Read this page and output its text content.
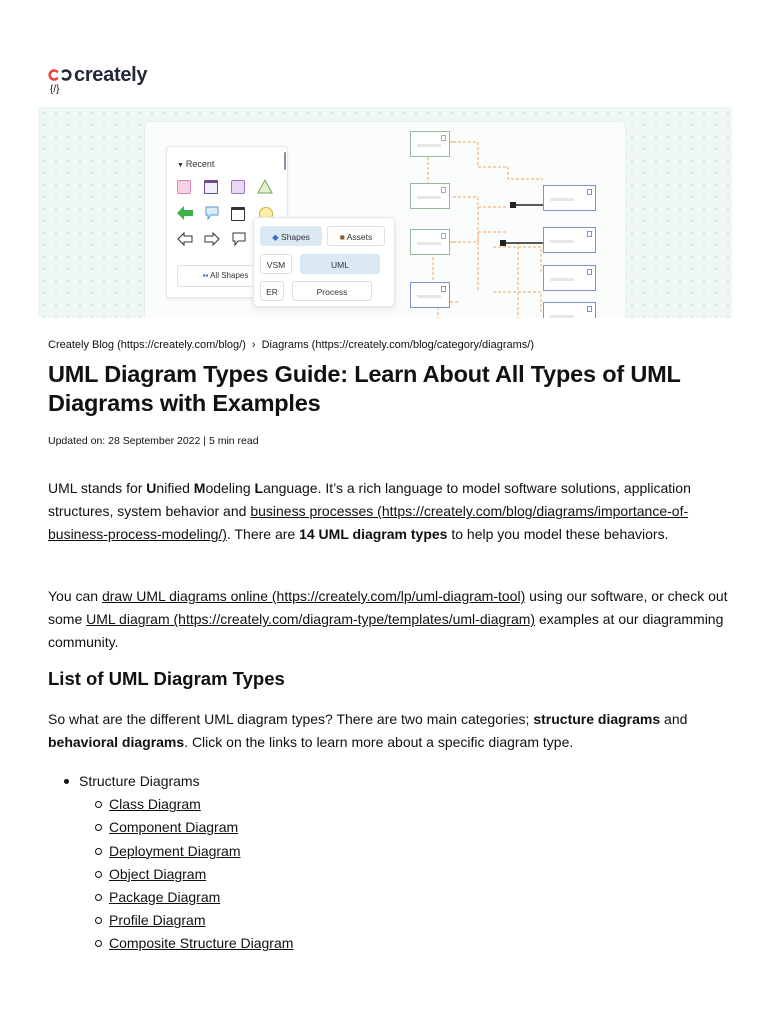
creately
{/}
▼ Recent
▪▪ All Shapes
◆ Shapes	■ Assets
VSM	UML
ER	Process
Creately Blog (https://creately.com/blog/) › Diagrams (https://creately.com/blog/category/diagrams/)
UML Diagram Types Guide: Learn About All Types of UML Diagrams with Examples
Updated on: 28 September 2022 | 5 min read

UML stands for Unified Modeling Language. It’s a rich language to model software solutions, application structures, system behavior and business processes (https://creately.com/blog/diagrams/importance-of-business-process-modeling/). There are 14 UML diagram types to help you model these behaviors.

You can draw UML diagrams online (https://creately.com/lp/uml-diagram-tool) using our software, or check out some UML diagram (https://creately.com/diagram-type/templates/uml-diagram) examples at our diagramming community.

List of UML Diagram Types

So what are the different UML diagram types? There are two main categories; structure diagrams and behavioral diagrams. Click on the links to learn more about a specific diagram type.

Structure Diagrams
Class Diagram
Component Diagram
Deployment Diagram
Object Diagram
Package Diagram
Profile Diagram
Composite Structure Diagram
